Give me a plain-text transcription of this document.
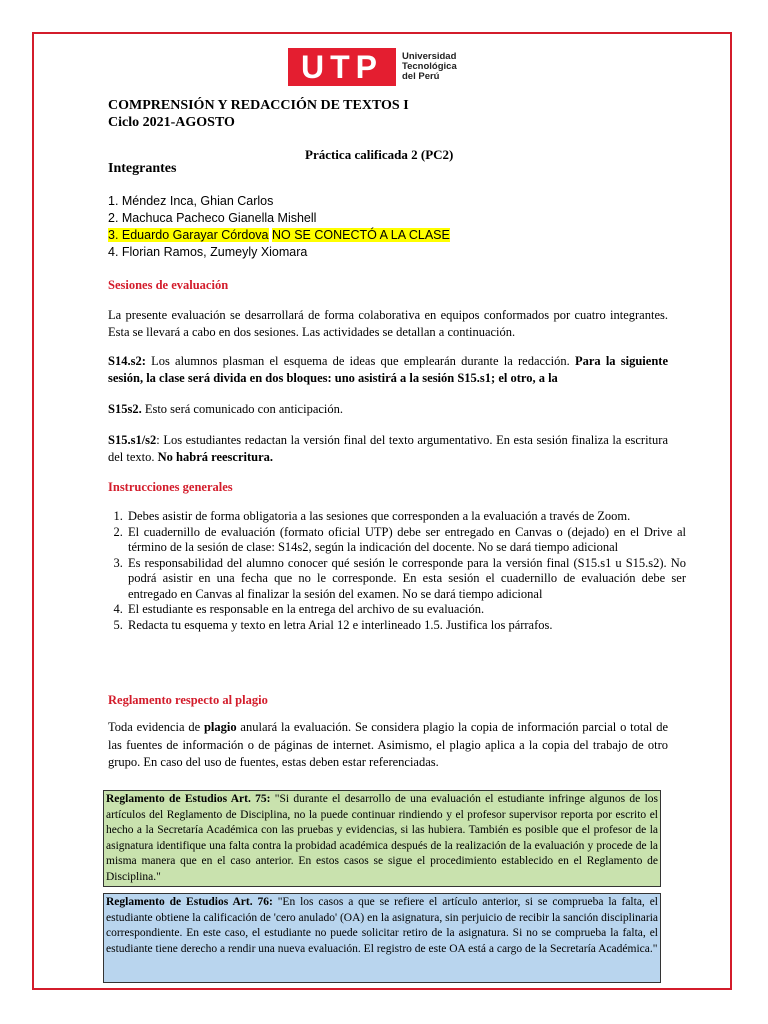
UTP	Universidad
Tecnológica
del Perú
COMPRENSIÓN Y REDACCIÓN DE TEXTOS I
Ciclo 2021-AGOSTO
Práctica calificada 2 (PC2)
Integrantes
1. Méndez Inca, Ghian Carlos
2. Machuca Pacheco Gianella Mishell
3. Eduardo Garayar Córdova NO SE CONECTÓ A LA CLASE
4. Florian Ramos, Zumeyly Xiomara
Sesiones de evaluación
La presente evaluación se desarrollará de forma colaborativa en equipos conformados por cuatro integrantes. Esta se llevará a cabo en dos sesiones. Las actividades se detallan a continuación.
S14.s2: Los alumnos plasman el esquema de ideas que emplearán durante la redacción. Para la siguiente sesión, la clase será divida en dos bloques: uno asistirá a la sesión S15.s1; el otro, a la
S15s2. Esto será comunicado con anticipación.
S15.s1/s2: Los estudiantes redactan la versión final del texto argumentativo. En esta sesión finaliza la escritura del texto. No habrá reescritura.
Instrucciones generales
1. Debes asistir de forma obligatoria a las sesiones que corresponden a la evaluación a través de Zoom.
2. El cuadernillo de evaluación (formato oficial UTP) debe ser entregado en Canvas o (dejado) en el Drive al término de la sesión de clase: S14s2, según la indicación del docente. No se dará tiempo adicional
3. Es responsabilidad del alumno conocer qué sesión le corresponde para la versión final (S15.s1 u S15.s2). No podrá asistir en una fecha que no le corresponde. En esta sesión el cuadernillo de evaluación debe ser entregado en Canvas al finalizar la sesión del examen. No se dará tiempo adicional
4. El estudiante es responsable en la entrega del archivo de su evaluación.
5. Redacta tu esquema y texto en letra Arial 12 e interlineado 1.5. Justifica los párrafos.
Reglamento respecto al plagio
Toda evidencia de plagio anulará la evaluación. Se considera plagio la copia de información parcial o total de las fuentes de información o de páginas de internet. Asimismo, el plagio aplica a la copia del trabajo de otro grupo. En caso del uso de fuentes, estas deben estar referenciadas.
Reglamento de Estudios Art. 75: "Si durante el desarrollo de una evaluación el estudiante infringe algunos de los artículos del Reglamento de Disciplina, no la puede continuar rindiendo y el profesor supervisor reporta por escrito el hecho a la Secretaría Académica con las pruebas y evidencias, si las hubiera. También es posible que el profesor de la asignatura identifique una falta contra la probidad académica después de la realización de la evaluación y procede de la misma manera que en el caso anterior. En estos casos se sigue el procedimiento establecido en el Reglamento de Disciplina."
Reglamento de Estudios Art. 76: "En los casos a que se refiere el artículo anterior, si se comprueba la falta, el estudiante obtiene la calificación de 'cero anulado' (OA) en la asignatura, sin perjuicio de recibir la sanción disciplinaria correspondiente. En este caso, el estudiante no puede solicitar retiro de la asignatura. Si no se comprueba la falta, el estudiante tiene derecho a rendir una nueva evaluación. El registro de este OA está a cargo de la Secretaría Académica."
